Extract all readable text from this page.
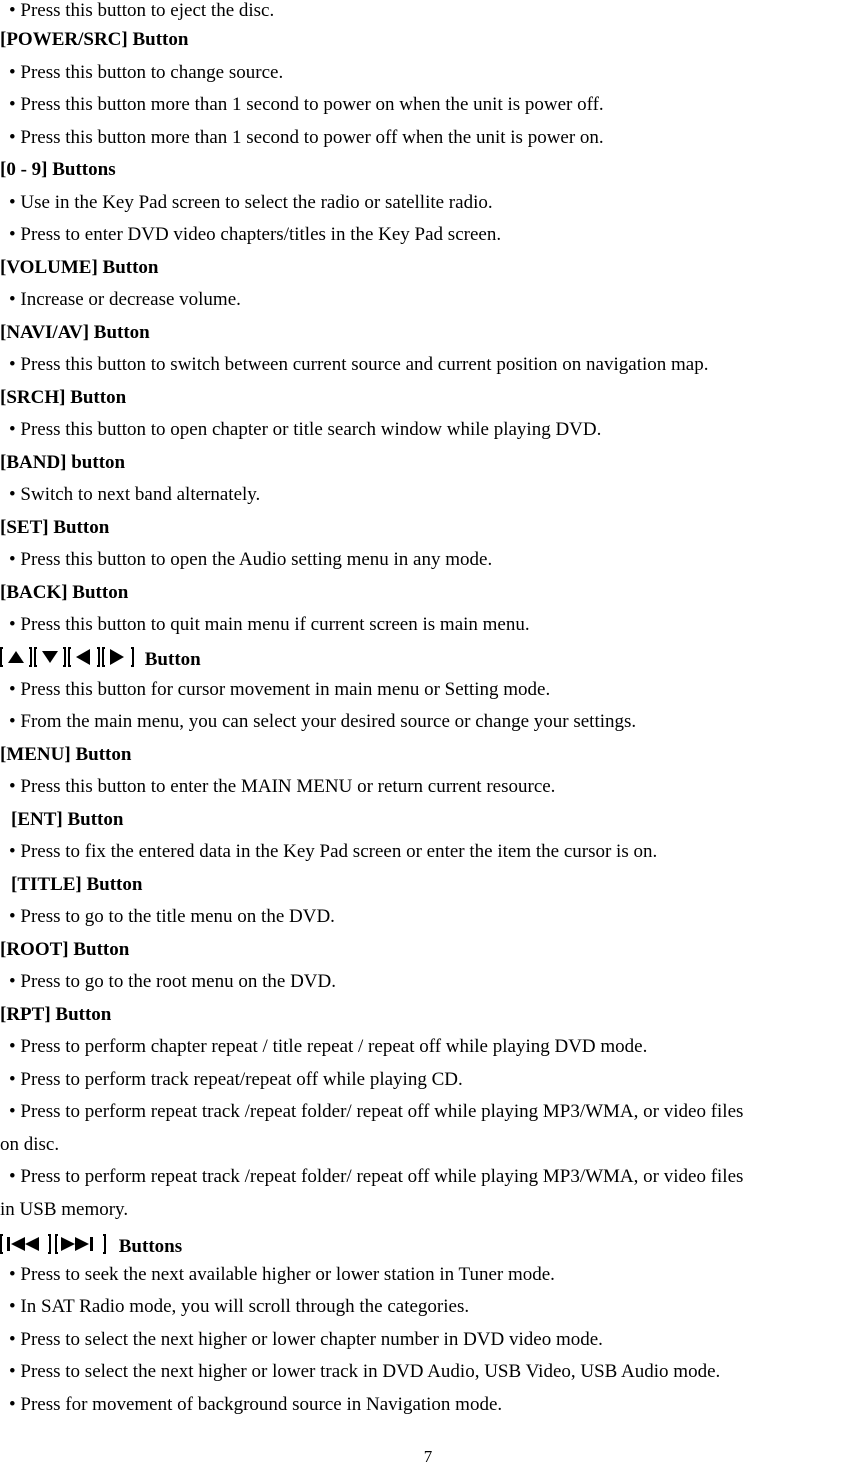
• Press this button to eject the disc.
[POWER/SRC] Button
• Press this button to change source.
• Press this button more than 1 second to power on when the unit is power off.
• Press this button more than 1 second to power off when the unit is power on.
[0 - 9] Buttons
• Use in the Key Pad screen to select the radio or satellite radio.
• Press to enter DVD video chapters/titles in the Key Pad screen.
[VOLUME] Button
• Increase or decrease volume.
[NAVI/AV] Button
• Press this button to switch between current source and current position on navigation map.
[SRCH] Button
• Press this button to open chapter or title search window while playing DVD.
[BAND] button
• Switch to next band alternately.
[SET] Button
• Press this button to open the Audio setting menu in any mode.
[BACK] Button
• Press this button to quit main menu if current screen is main menu.
Button
• Press this button for cursor movement in main menu or Setting mode.
• From the main menu, you can select your desired source or change your settings.
[MENU] Button
• Press this button to enter the MAIN MENU or return current resource.
[ENT] Button
• Press to fix the entered data in the Key Pad screen or enter the item the cursor is on.
[TITLE] Button
• Press to go to the title menu on the DVD.
[ROOT] Button
• Press to go to the root menu on the DVD.
[RPT] Button
• Press to perform chapter repeat / title repeat / repeat off while playing DVD mode.
• Press to perform track repeat/repeat off while playing CD.
• Press to perform repeat track /repeat folder/ repeat off while playing MP3/WMA, or video files
on disc.
• Press to perform repeat track /repeat folder/ repeat off while playing MP3/WMA, or video files
in USB memory.
Buttons
• Press to seek the next available higher or lower station in Tuner mode.
• In SAT Radio mode, you will scroll through the categories.
• Press to select the next higher or lower chapter number in DVD video mode.
• Press to select the next higher or lower track in DVD Audio, USB Video, USB Audio mode.
• Press for movement of background source in Navigation mode.
7
